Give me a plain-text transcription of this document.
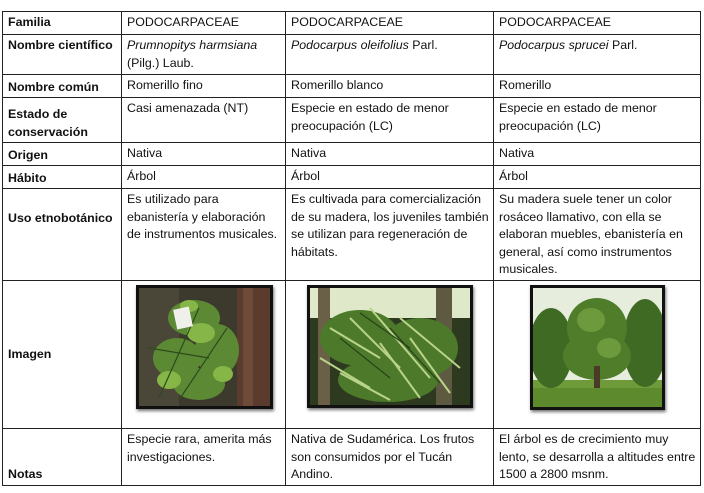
Familia	PODOCARPACEAE	PODOCARPACEAE	PODOCARPACEAE
Nombre científico	Prumnopitys harmsiana (Pilg.) Laub.	Podocarpus oleifolius Parl.	Podocarpus sprucei Parl.
Nombre común	Romerillo fino	Romerillo blanco	Romerillo
Estado de conservación	Casi amenazada (NT)	Especie en estado de menor preocupación (LC)	Especie en estado de menor preocupación (LC)
Origen	Nativa	Nativa	Nativa
Hábito	Árbol	Árbol	Árbol
Uso etnobotánico	Es utilizado para ebanistería y elaboración de instrumentos musicales.	Es cultivada para comercialización de su madera, los juveniles también se utilizan para regeneración de hábitats.	Su madera suele tener un color rosáceo llamativo, con ella se elaboran muebles, ebanistería en general, así como instrumentos musicales.
Imagen	

Notas	Especie rara, amerita más investigaciones.	Nativa de Sudamérica. Los frutos son consumidos por el Tucán Andino.	El árbol es de crecimiento muy lento, se desarrolla a altitudes entre 1500 a 2800 msnm.
